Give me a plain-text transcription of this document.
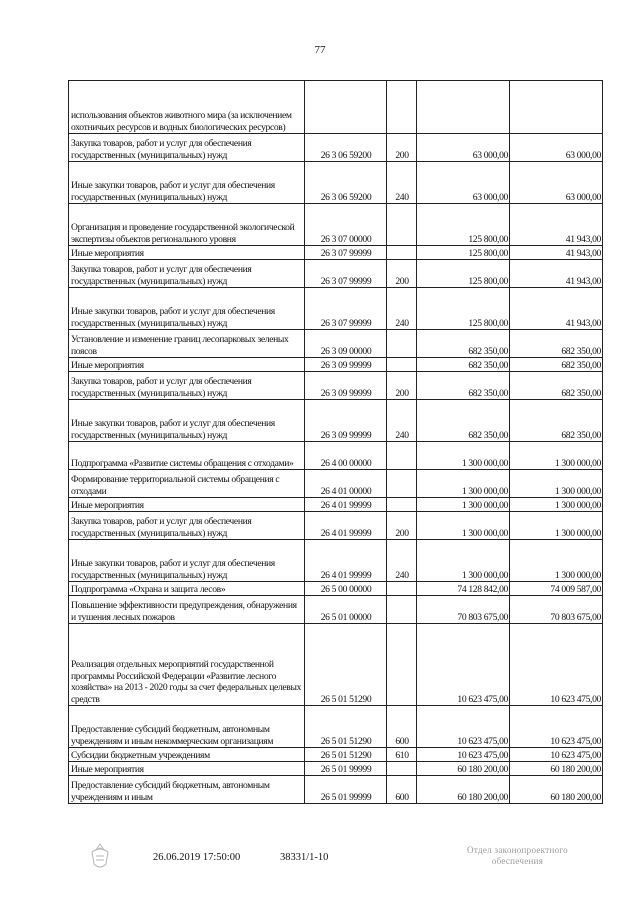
77
использования объектов животного мира (за исключением охотничьих ресурсов и водных биологических ресурсов)				
Закупка товаров, работ и услуг для обеспечения государственных (муниципальных) нужд	26 3 06 59200	200	63 000,00	63 000,00
Иные закупки товаров, работ и услуг для обеспечения государственных (муниципальных) нужд	26 3 06 59200	240	63 000,00	63 000,00
Организация и проведение государственной экологической экспертизы объектов регионального уровня	26 3 07 00000		125 800,00	41 943,00
Иные мероприятия	26 3 07 99999		125 800,00	41 943,00
Закупка товаров, работ и услуг для обеспечения государственных (муниципальных) нужд	26 3 07 99999	200	125 800,00	41 943,00
Иные закупки товаров, работ и услуг для обеспечения государственных (муниципальных) нужд	26 3 07 99999	240	125 800,00	41 943,00
Установление и изменение границ лесопарковых зеленых поясов	26 3 09 00000		682 350,00	682 350,00
Иные мероприятия	26 3 09 99999		682 350,00	682 350,00
Закупка товаров, работ и услуг для обеспечения государственных (муниципальных) нужд	26 3 09 99999	200	682 350,00	682 350,00
Иные закупки товаров, работ и услуг для обеспечения государственных (муниципальных) нужд	26 3 09 99999	240	682 350,00	682 350,00
Подпрограмма «Развитие системы обращения с отходами»	26 4 00 00000		1 300 000,00	1 300 000,00
Формирование территориальной системы обращения с отходами	26 4 01 00000		1 300 000,00	1 300 000,00
Иные мероприятия	26 4 01 99999		1 300 000,00	1 300 000,00
Закупка товаров, работ и услуг для обеспечения государственных (муниципальных) нужд	26 4 01 99999	200	1 300 000,00	1 300 000,00
Иные закупки товаров, работ и услуг для обеспечения государственных (муниципальных) нужд	26 4 01 99999	240	1 300 000,00	1 300 000,00
Подпрограмма «Охрана и защита лесов»	26 5 00 00000		74 128 842,00	74 009 587,00
Повышение эффективности предупреждения, обнаружения и тушения лесных пожаров	26 5 01 00000		70 803 675,00	70 803 675,00
Реализация отдельных мероприятий государственной программы Российской Федерации «Развитие лесного хозяйства» на 2013 - 2020 годы за счет федеральных целевых средств	26 5 01 51290		10 623 475,00	10 623 475,00
Предоставление субсидий бюджетным, автономным учреждениям и иным некоммерческим организациям	26 5 01 51290	600	10 623 475,00	10 623 475,00
Субсидии бюджетным учреждениям	26 5 01 51290	610	10 623 475,00	10 623 475,00
Иные мероприятия	26 5 01 99999		60 180 200,00	60 180 200,00
Предоставление субсидий бюджетным, автономным учреждениям и иным	26 5 01 99999	600	60 180 200,00	60 180 200,00
26.06.2019 17:50:00	38331/1-10
Отдел законопроектного
обеспечения
